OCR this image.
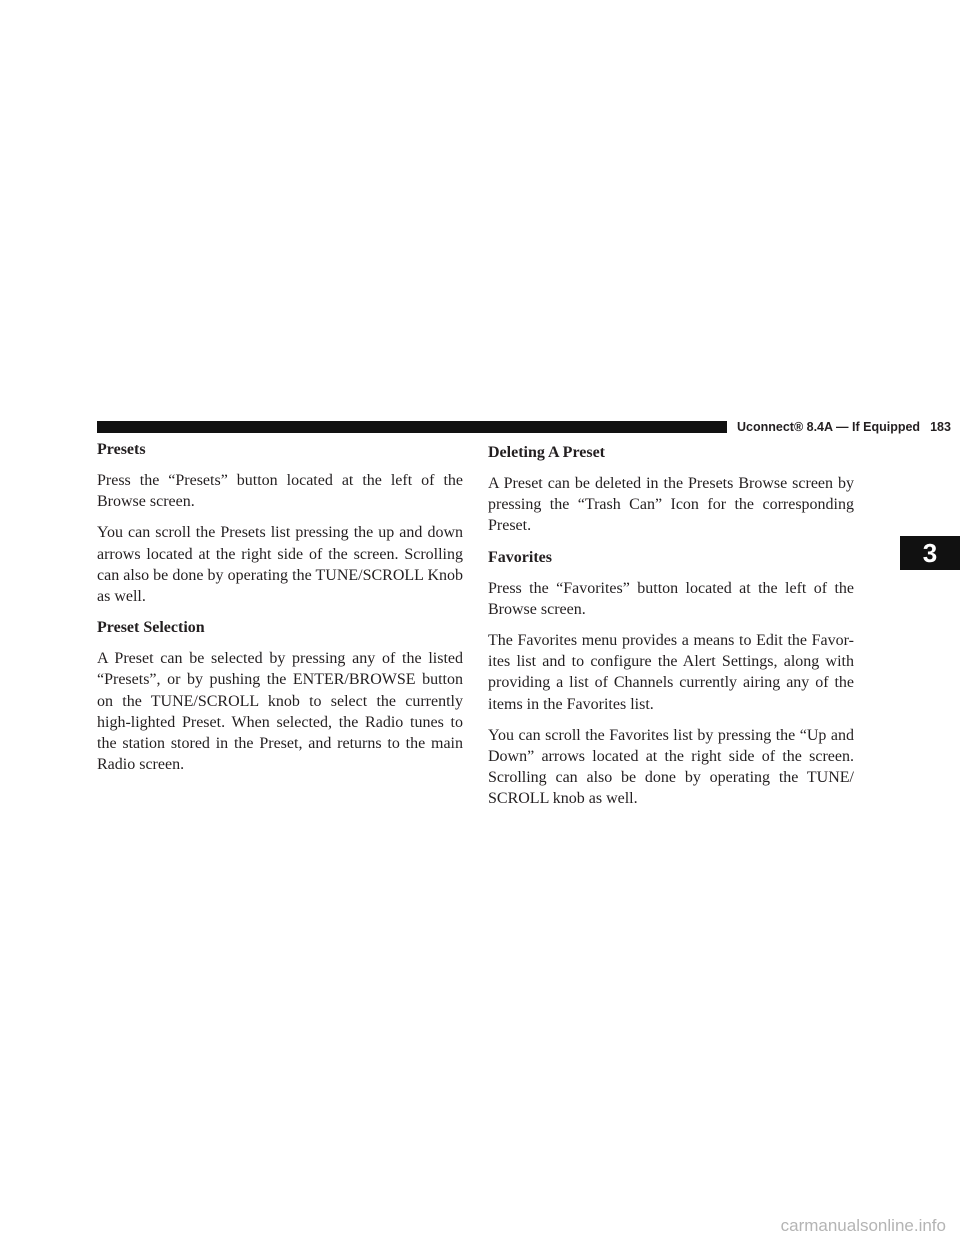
Uconnect® 8.4A — If Equipped 183
Presets

Press the “Presets” button located at the left of the Browse screen.

You can scroll the Presets list pressing the up and down arrows located at the right side of the screen. Scrolling can also be done by operating the TUNE/SCROLL Knob as well.

Preset Selection

A Preset can be selected by pressing any of the listed “Presets”, or by pushing the ENTER/BROWSE button on the TUNE/SCROLL knob to select the currently high-lighted Preset. When selected, the Radio tunes to the station stored in the Preset, and returns to the main Radio screen.

Deleting A Preset

A Preset can be deleted in the Presets Browse screen by pressing the “Trash Can” Icon for the corresponding Preset.

Favorites

Press the “Favorites” button located at the left of the Browse screen.

The Favorites menu provides a means to Edit the Favor-ites list and to configure the Alert Settings, along with providing a list of Channels currently airing any of the items in the Favorites list.

You can scroll the Favorites list by pressing the “Up and Down” arrows located at the right side of the screen. Scrolling can also be done by operating the TUNE/ SCROLL knob as well.

3
carmanualsonline.info
